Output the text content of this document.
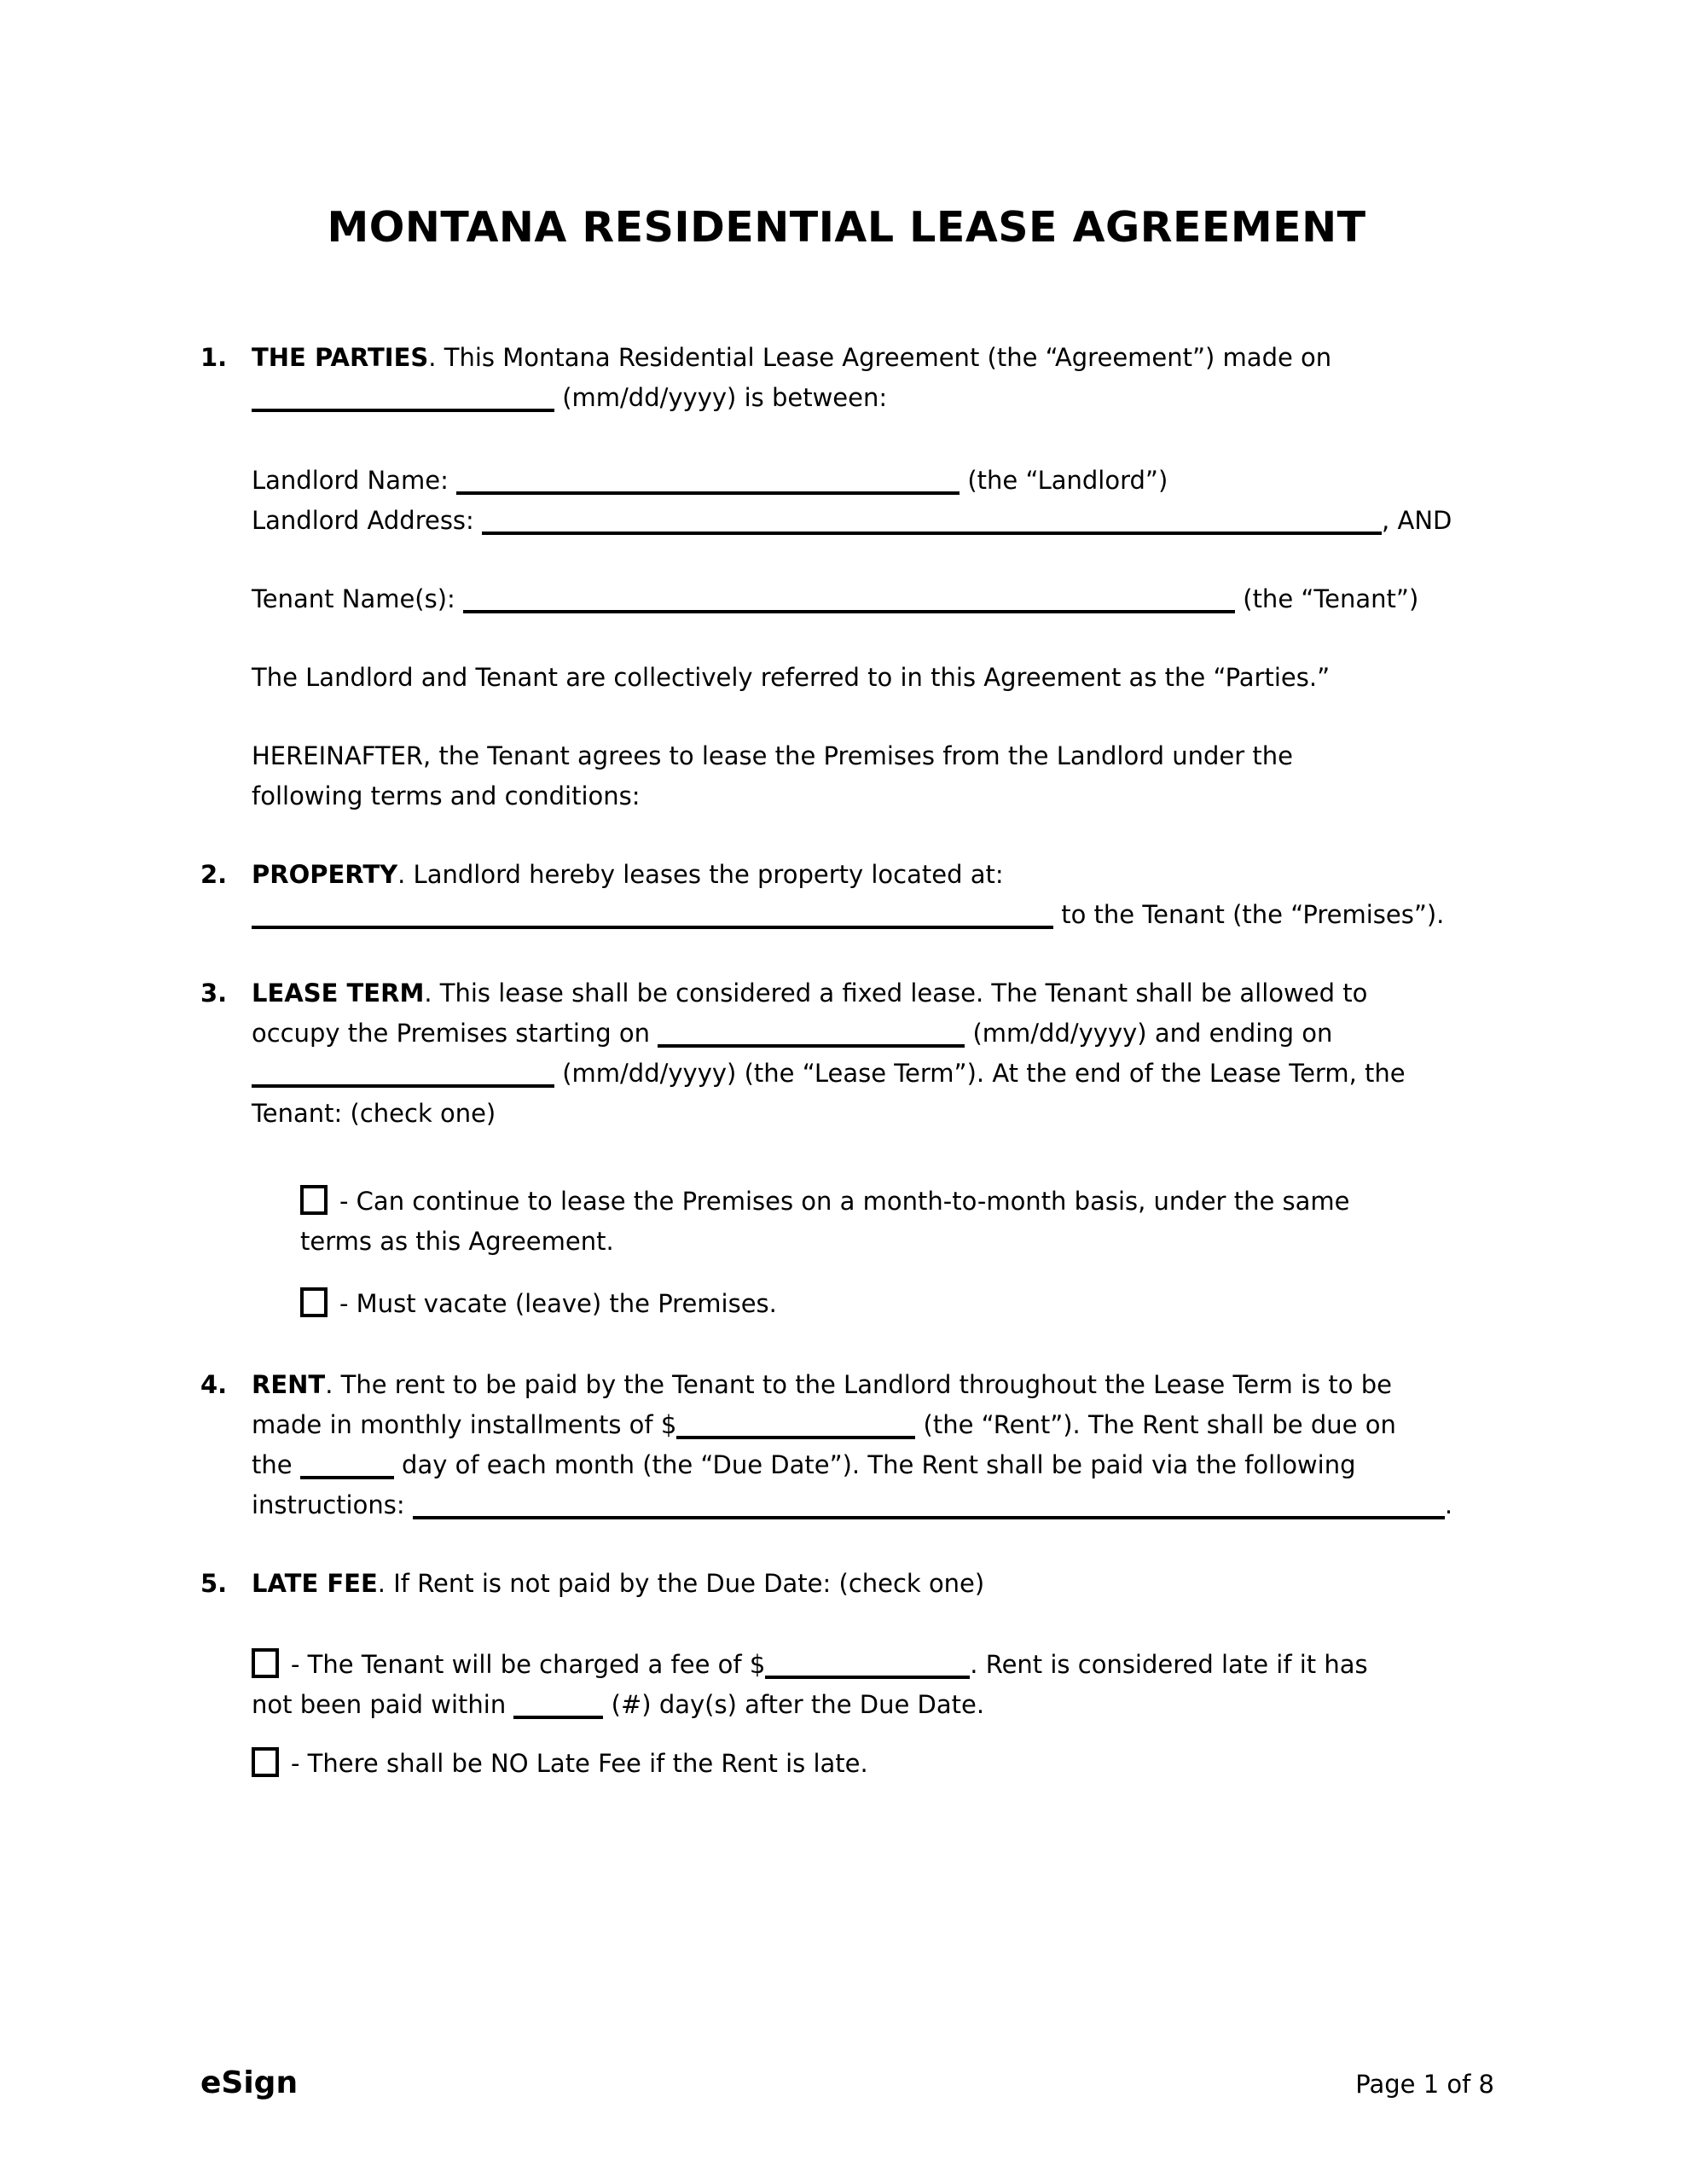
MONTANA RESIDENTIAL LEASE AGREEMENT
1. THE PARTIES. This Montana Residential Lease Agreement (the “Agreement”) made on
(mm/dd/yyyy) is between:
Landlord Name:	(the “Landlord”)
Landlord Address:	, AND
Tenant Name(s):	(the “Tenant”)
The Landlord and Tenant are collectively referred to in this Agreement as the “Parties.”
HEREINAFTER, the Tenant agrees to lease the Premises from the Landlord under the
following terms and conditions:
2. PROPERTY. Landlord hereby leases the property located at:
to the Tenant (the “Premises”).
3. LEASE TERM. This lease shall be considered a fixed lease. The Tenant shall be allowed to
occupy the Premises starting on	(mm/dd/yyyy) and ending on
(mm/dd/yyyy) (the “Lease Term”). At the end of the Lease Term, the
Tenant: (check one)
- Can continue to lease the Premises on a month-to-month basis, under the same
terms as this Agreement.
- Must vacate (leave) the Premises.
4. RENT. The rent to be paid by the Tenant to the Landlord throughout the Lease Term is to be
made in monthly installments of $	(the “Rent”). The Rent shall be due on
the	day of each month (the “Due Date”). The Rent shall be paid via the following
instructions:	.
5. LATE FEE. If Rent is not paid by the Due Date: (check one)
- The Tenant will be charged a fee of $	. Rent is considered late if it has
not been paid within	(#) day(s) after the Due Date.
- There shall be NO Late Fee if the Rent is late.
eSign	Page 1 of 8
